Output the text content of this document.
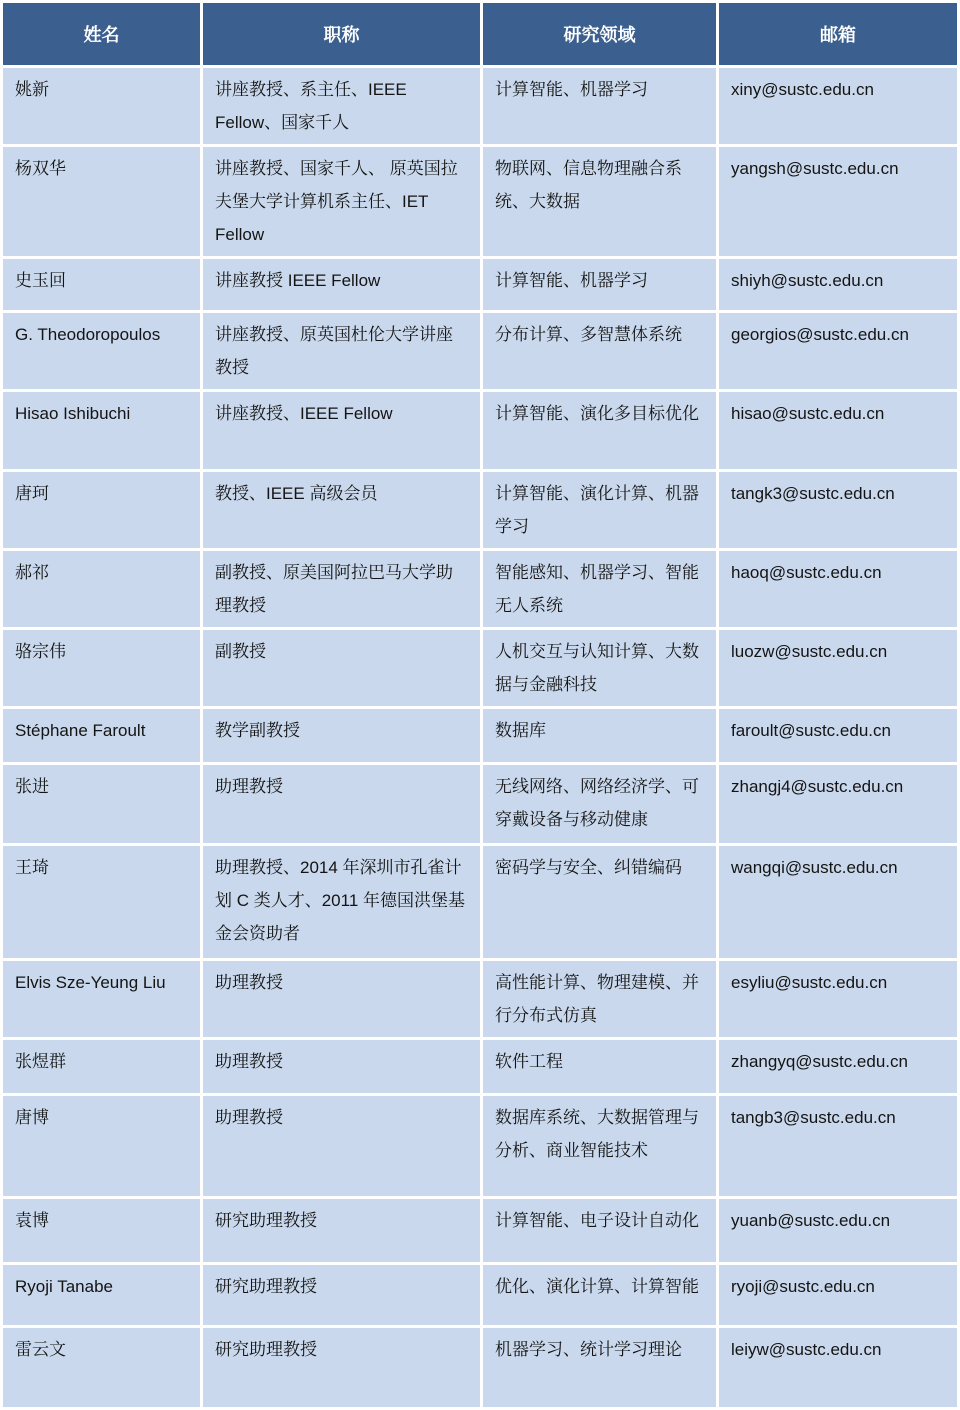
姓名	职称	研究领域	邮箱
姚新	讲座教授、系主任、IEEE Fellow、国家千人	计算智能、机器学习	xiny@sustc.edu.cn
杨双华	讲座教授、国家千人、 原英国拉夫堡大学计算机系主任、IET Fellow	物联网、信息物理融合系统、大数据	yangsh@sustc.edu.cn
史玉回	讲座教授 IEEE Fellow	计算智能、机器学习	shiyh@sustc.edu.cn
G. Theodoropoulos	讲座教授、原英国杜伦大学讲座教授	分布计算、多智慧体系统	georgios@sustc.edu.cn
Hisao Ishibuchi	讲座教授、IEEE Fellow	计算智能、演化多目标优化	hisao@sustc.edu.cn
唐珂	教授、IEEE 高级会员	计算智能、演化计算、机器学习	tangk3@sustc.edu.cn
郝祁	副教授、原美国阿拉巴马大学助理教授	智能感知、机器学习、智能无人系统	haoq@sustc.edu.cn
骆宗伟	副教授	人机交互与认知计算、大数据与金融科技	luozw@sustc.edu.cn
Stéphane Faroult	教学副教授	数据库	faroult@sustc.edu.cn
张进	助理教授	无线网络、网络经济学、可穿戴设备与移动健康	zhangj4@sustc.edu.cn
王琦	助理教授、2014 年深圳市孔雀计划 C 类人才、2011 年德国洪堡基金会资助者	密码学与安全、纠错编码	wangqi@sustc.edu.cn
Elvis Sze-Yeung Liu	助理教授	高性能计算、物理建模、并行分布式仿真	esyliu@sustc.edu.cn
张煜群	助理教授	软件工程	zhangyq@sustc.edu.cn
唐博	助理教授	数据库系统、大数据管理与分析、商业智能技术	tangb3@sustc.edu.cn
袁博	研究助理教授	计算智能、电子设计自动化	yuanb@sustc.edu.cn
Ryoji Tanabe	研究助理教授	优化、演化计算、计算智能	ryoji@sustc.edu.cn
雷云文	研究助理教授	机器学习、统计学习理论	leiyw@sustc.edu.cn
